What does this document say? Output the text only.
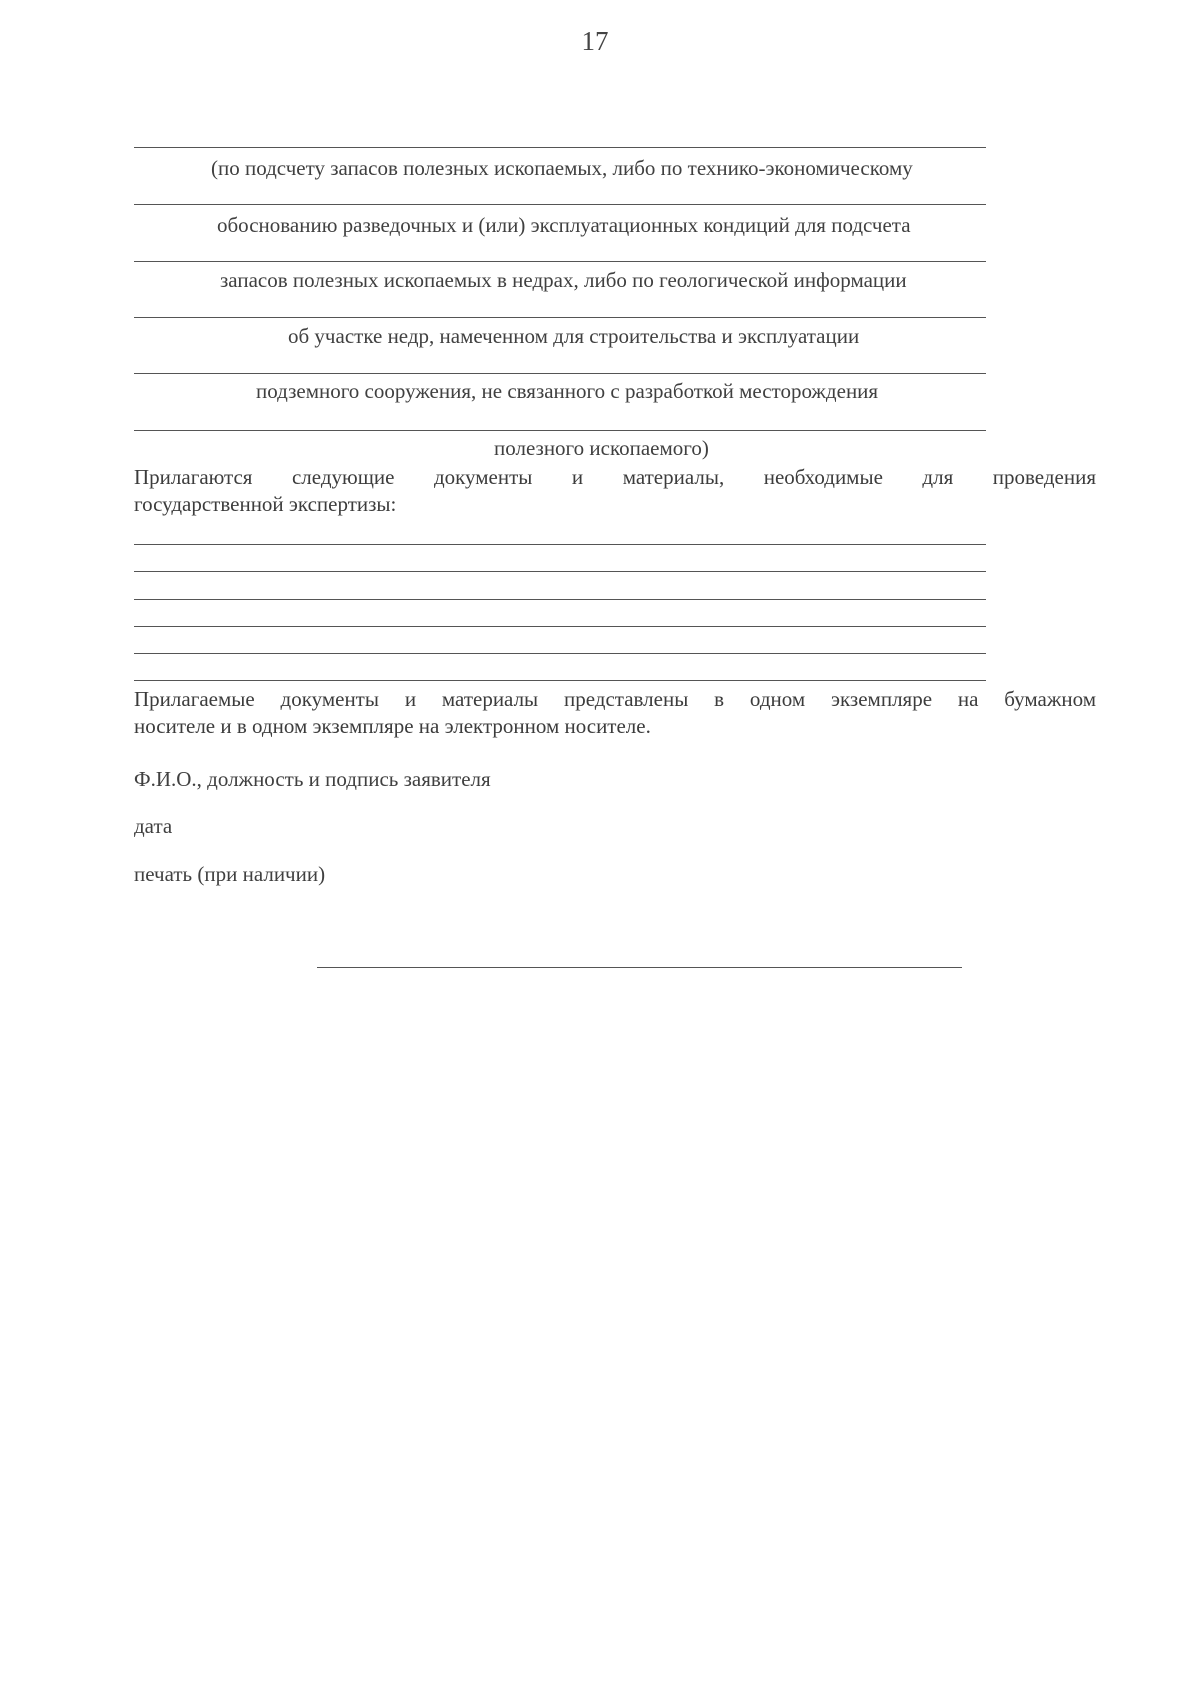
17
(по подсчету запасов полезных ископаемых, либо по технико-экономическому
обоснованию разведочных и (или) эксплуатационных кондиций для подсчета
запасов полезных ископаемых в недрах, либо по геологической информации
об участке недр, намеченном для строительства и эксплуатации
подземного сооружения, не связанного с разработкой месторождения
полезного ископаемого)
Прилагаются следующие документы и материалы, необходимые для проведения
государственной экспертизы:
Прилагаемые документы и материалы представлены в одном экземпляре на бумажном
носителе и в одном экземпляре на электронном носителе.
Ф.И.О., должность и подпись заявителя
дата
печать (при наличии)
